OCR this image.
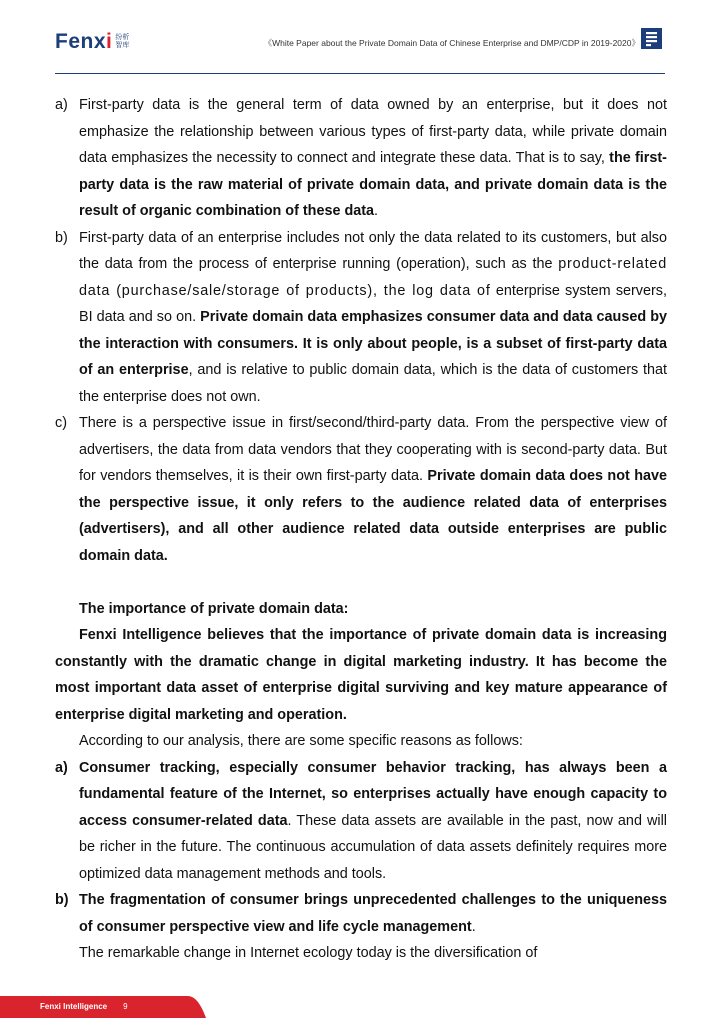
Fenxi 纷析 智库	《White Paper about the Private Domain Data of Chinese Enterprise and DMP/CDP in 2019-2020》

a) First-party data is the general term of data owned by an enterprise, but it does not emphasize the relationship between various types of first-party data, while private domain data emphasizes the necessity to connect and integrate these data. That is to say, the first-party data is the raw material of private domain data, and private domain data is the result of organic combination of these data.

b) First-party data of an enterprise includes not only the data related to its customers, but also the data from the process of enterprise running (operation), such as the product-related data (purchase/sale/storage of products), the log data of enterprise system servers, BI data and so on. Private domain data emphasizes consumer data and data caused by the interaction with consumers. It is only about people, is a subset of first-party data of an enterprise, and is relative to public domain data, which is the data of customers that the enterprise does not own.

c) There is a perspective issue in first/second/third-party data. From the perspective view of advertisers, the data from data vendors that they cooperating with is second-party data. But for vendors themselves, it is their own first-party data. Private domain data does not have the perspective issue, it only refers to the audience related data of enterprises (advertisers), and all other audience related data outside enterprises are public domain data.

The importance of private domain data:

Fenxi Intelligence believes that the importance of private domain data is increasing constantly with the dramatic change in digital marketing industry. It has become the most important data asset of enterprise digital surviving and key mature appearance of enterprise digital marketing and operation.

According to our analysis, there are some specific reasons as follows:

a) Consumer tracking, especially consumer behavior tracking, has always been a fundamental feature of the Internet, so enterprises actually have enough capacity to access consumer-related data. These data assets are available in the past, now and will be richer in the future. The continuous accumulation of data assets definitely requires more optimized data management methods and tools.

b) The fragmentation of consumer brings unprecedented challenges to the uniqueness of consumer perspective view and life cycle management.

The remarkable change in Internet ecology today is the diversification of

Fenxi Intelligence 9
